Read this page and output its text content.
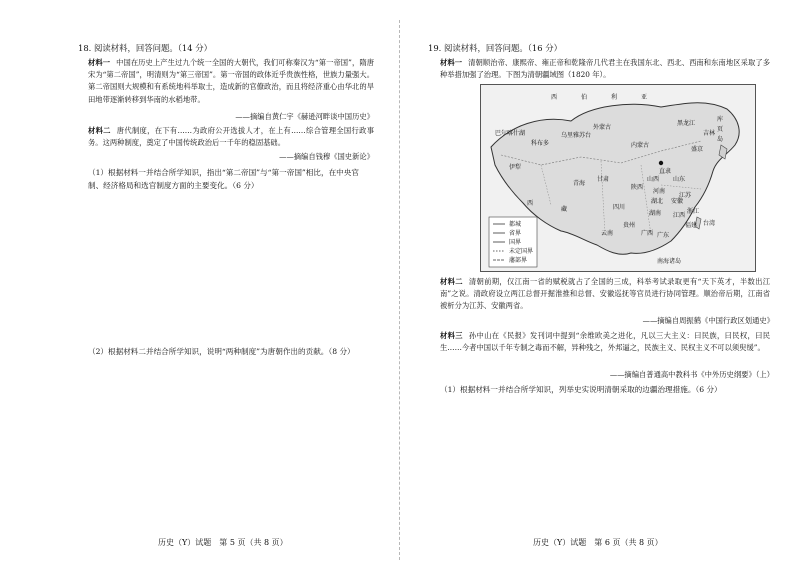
18. 阅读材料，回答问题。（14 分）
材料一 中国在历史上产生过九个统一全国的大朝代，我们可称秦汉为“第一帝国”，隋唐宋为“第二帝国”，明清则为“第三帝国”。第一帝国的政体近乎贵族性格，世族力量强大。第二帝国则大规模和有系统地科举取士，造成新的官僚政治，而且将经济重心由华北的旱田地带逐渐转移到华南的水稻地带。
——摘编自黄仁宇《赫逊河畔谈中国历史》
材料二 唐代制度，在下有……为政府公开选拔人才，在上有……综合管理全国行政事务。这两种制度，奠定了中国传统政治后一千年的稳固基础。
——摘编自钱穆《国史新论》
（1）根据材料一并结合所学知识，指出“第二帝国”与“第一帝国”相比，在中央官制、经济格局和选官制度方面的主要变化。（6 分）
（2）根据材料二并结合所学知识，说明“两种制度”为唐朝作出的贡献。（8 分）
历史（Y）试题　第 5 页（共 8 页）
19. 阅读材料，回答问题。（16 分）
材料一 清朝顺治帝、康熙帝、雍正帝和乾隆帝几代君主在我国东北、西北、西南和东南地区采取了多种举措加强了治理。下图为清朝疆域图（1820 年）。
材料二 清朝前期，仅江南一省的赋税就占了全国的三成，科举考试录取更有“天下英才，半数出江南”之说。清政府设立两江总督开掘淮推和总督、安徽巡抚等官员进行协同管理。顺治帝后期，江南省被析分为江苏、安徽两省。
——摘编自周振鹤《中国行政区划通史》
材料三 孙中山在《民报》发刊词中提到“余维欧美之进化，凡以三大主义：曰民族，曰民权，曰民生……今者中国以千年专制之毒而不解，异种残之，外邦逼之，民族主义、民权主义不可以须臾缓”。
——摘编自普通高中教科书《中外历史纲要》（上）
（1）根据材料一并结合所学知识，列举史实说明清朝采取的边疆治理措施。（6 分）
历史（Y）试题　第 6 页（共 8 页）
都城
省界
国界
未定国界
藩部界
西	伯	利	亚
库
页
岛
外蒙古
乌里雅苏台
科布多
伊犁
西
藏
盛京
吉林
黑龙江
直隶
山西 山东
河南
江苏
安徽
浙江
江西
湖北
湖南
四川
云南
贵州
广西 广东
福建 台湾
甘肃
陕西
青海
内蒙古
巴尔喀什湖
南海诸岛
